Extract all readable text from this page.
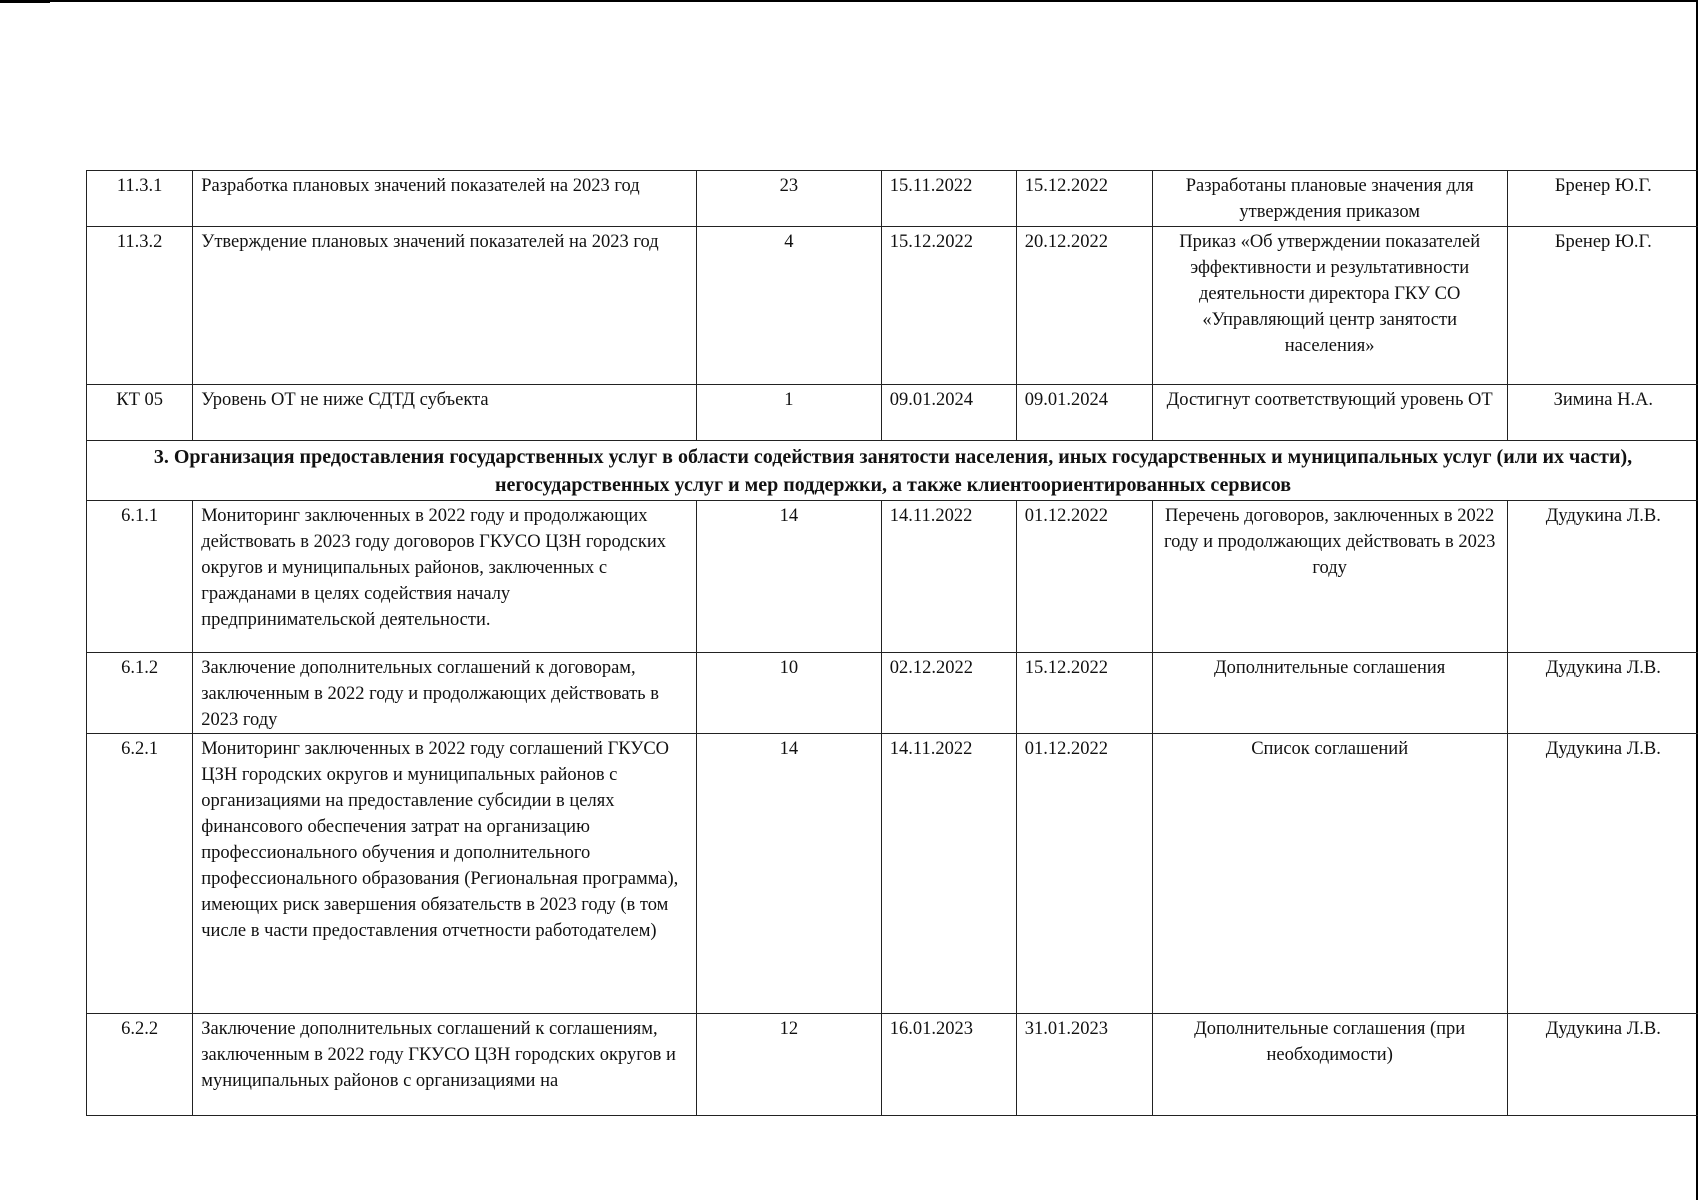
11.3.1	Разработка плановых значений показателей на 2023 год	23	15.11.2022	15.12.2022	Разработаны плановые значения для утверждения приказом	Бренер Ю.Г.
11.3.2	Утверждение плановых значений показателей на 2023 год	4	15.12.2022	20.12.2022	Приказ «Об утверждении показателей эффективности и результативности деятельности директора ГКУ СО «Управляющий центр занятости населения»	Бренер Ю.Г.
КТ 05	Уровень ОТ не ниже СДТД субъекта	1	09.01.2024	09.01.2024	Достигнут соответствующий уровень ОТ	Зимина Н.А.
3. Организация предоставления государственных услуг в области содействия занятости населения, иных государственных и муниципальных услуг (или их части), негосударственных услуг и мер поддержки, а также клиентоориентированных сервисов						
6.1.1	Мониторинг заключенных в 2022 году и продолжающих действовать в 2023 году договоров ГКУСО ЦЗН городских округов и муниципальных районов, заключенных с гражданами в целях содействия началу предпринимательской деятельности.	14	14.11.2022	01.12.2022	Перечень договоров, заключенных в 2022 году и продолжающих действовать в 2023 году	Дудукина Л.В.
6.1.2	Заключение дополнительных соглашений к договорам, заключенным в 2022 году и продолжающих действовать в 2023 году	10	02.12.2022	15.12.2022	Дополнительные соглашения	Дудукина Л.В.
6.2.1	Мониторинг заключенных в 2022 году соглашений ГКУСО ЦЗН городских округов и муниципальных районов с организациями на предоставление субсидии в целях финансового обеспечения затрат на организацию профессионального обучения и дополнительного профессионального образования (Региональная программа), имеющих риск завершения обязательств в 2023 году (в том числе в части предоставления отчетности работодателем)	14	14.11.2022	01.12.2022	Список соглашений	Дудукина Л.В.
6.2.2	Заключение дополнительных соглашений к соглашениям, заключенным в 2022 году ГКУСО ЦЗН городских округов и муниципальных районов с организациями на	12	16.01.2023	31.01.2023	Дополнительные соглашения (при необходимости)	Дудукина Л.В.
